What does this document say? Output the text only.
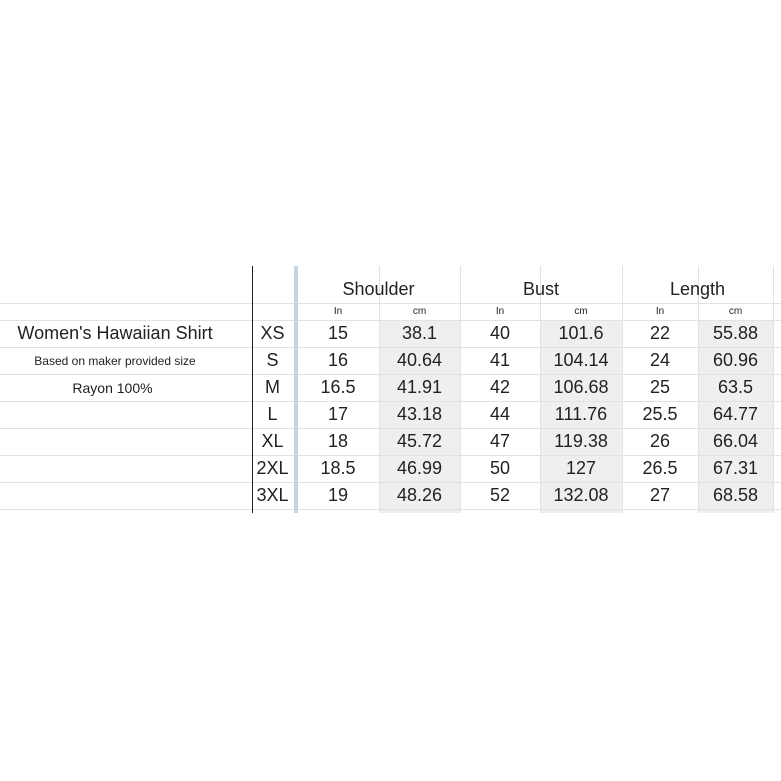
Shoulder
In	cm
Bust
In	cm
Length
In	cm
Women's Hawaiian Shirt
Based on maker provided size
Rayon 100%
XS	15	38.1	40	101.6	22	55.88
S	16	40.64	41	104.14	24	60.96
M	16.5	41.91	42	106.68	25	63.5
L	17	43.18	44	111.76	25.5	64.77
XL	18	45.72	47	119.38	26	66.04
2XL	18.5	46.99	50	127	26.5	67.31
3XL	19	48.26	52	132.08	27	68.58
